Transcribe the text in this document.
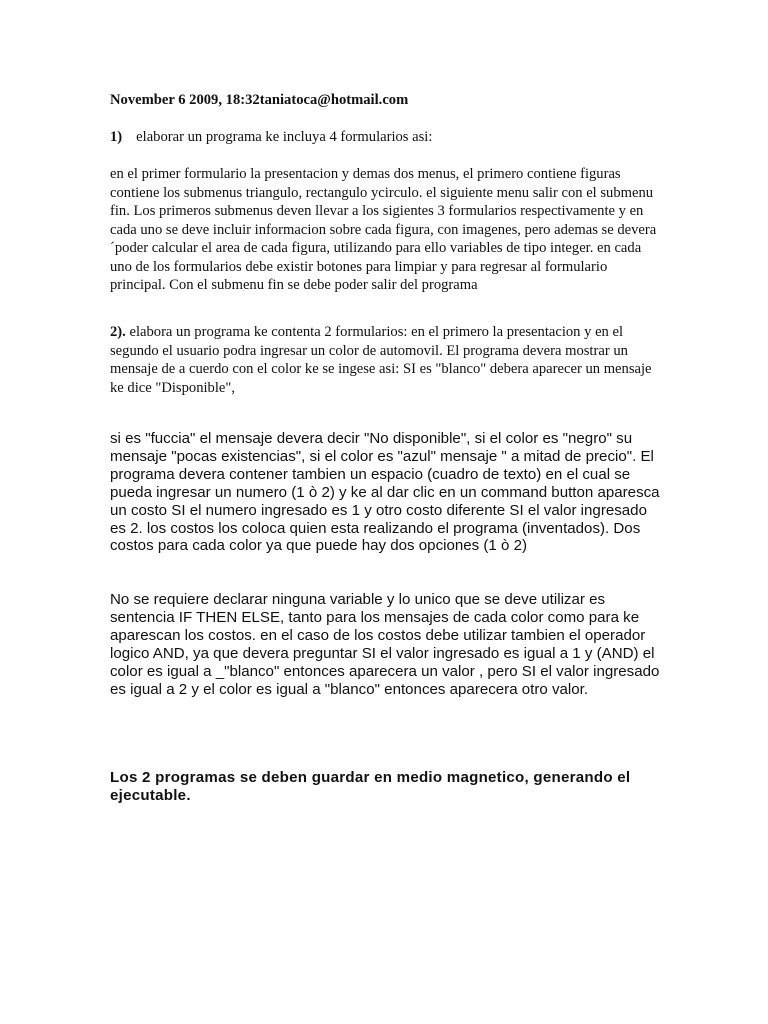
November 6 2009, 18:32taniatoca@hotmail.com

1) elaborar un programa ke incluya 4 formularios asi:

en el primer formulario la presentacion y demas dos menus, el primero contiene figuras contiene los submenus triangulo, rectangulo ycirculo. el siguiente menu salir con el submenu fin. Los primeros submenus deven llevar a los sigientes 3 formularios respectivamente y en cada uno se deve incluir informacion sobre cada figura, con imagenes, pero ademas se devera ´poder calcular el area de cada figura, utilizando para ello variables de tipo integer. en cada uno de los formularios debe existir botones para limpiar y para regresar al formulario principal. Con el submenu fin se debe poder salir del programa

2). elabora un programa ke contenta 2 formularios: en el primero la presentacion y en el segundo el usuario podra ingresar un color de automovil. El programa devera mostrar un mensaje de a cuerdo con el color ke se ingese asi: SI es "blanco" debera aparecer un mensaje ke dice "Disponible",

si es "fuccia" el mensaje devera decir "No disponible", si el color es "negro" su mensaje "pocas existencias", si el color es "azul" mensaje " a mitad de precio". El programa devera contener tambien un espacio (cuadro de texto) en el cual se pueda ingresar un numero (1 ò 2) y ke al dar clic en un command button aparesca un costo SI el numero ingresado es 1 y otro costo diferente SI el valor ingresado es 2. los costos los coloca quien esta realizando el programa (inventados). Dos costos para cada color ya que puede hay dos opciones (1 ò 2)

No se requiere declarar ninguna variable y lo unico que se deve utilizar es sentencia IF THEN ELSE, tanto para los mensajes de cada color como para ke aparescan los costos. en el caso de los costos debe utilizar tambien el operador logico AND, ya que devera preguntar SI el valor ingresado es igual a 1 y (AND) el color es igual a _"blanco" entonces aparecera un valor , pero SI el valor ingresado es igual a 2 y el color es igual a "blanco" entonces aparecera otro valor.

Los 2 programas se deben guardar en medio magnetico, generando el ejecutable.
